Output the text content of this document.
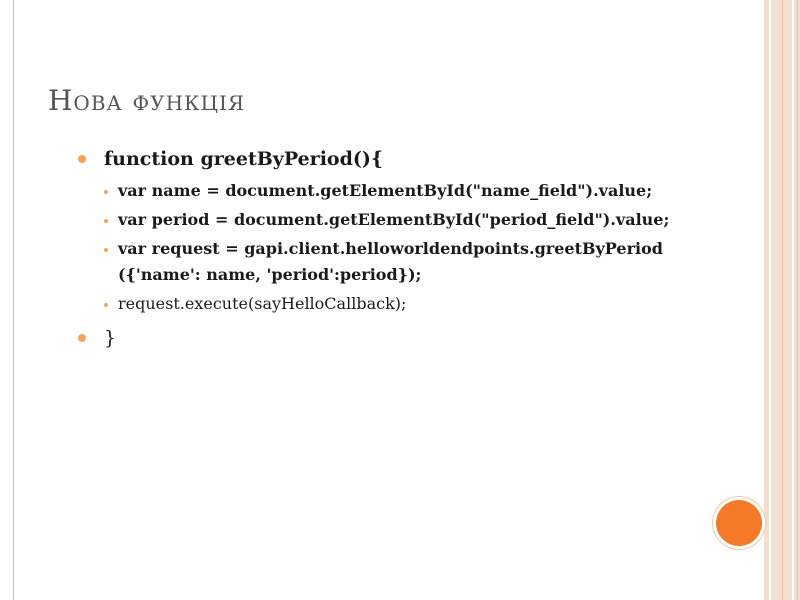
Нова функція
function greetByPeriod(){
var name = document.getElementById("name_field").value;
var period = document.getElementById("period_field").value;
var request = gapi.client.helloworldendpoints.greetByPeriod({'name': name, 'period':period});
request.execute(sayHelloCallback);
}
